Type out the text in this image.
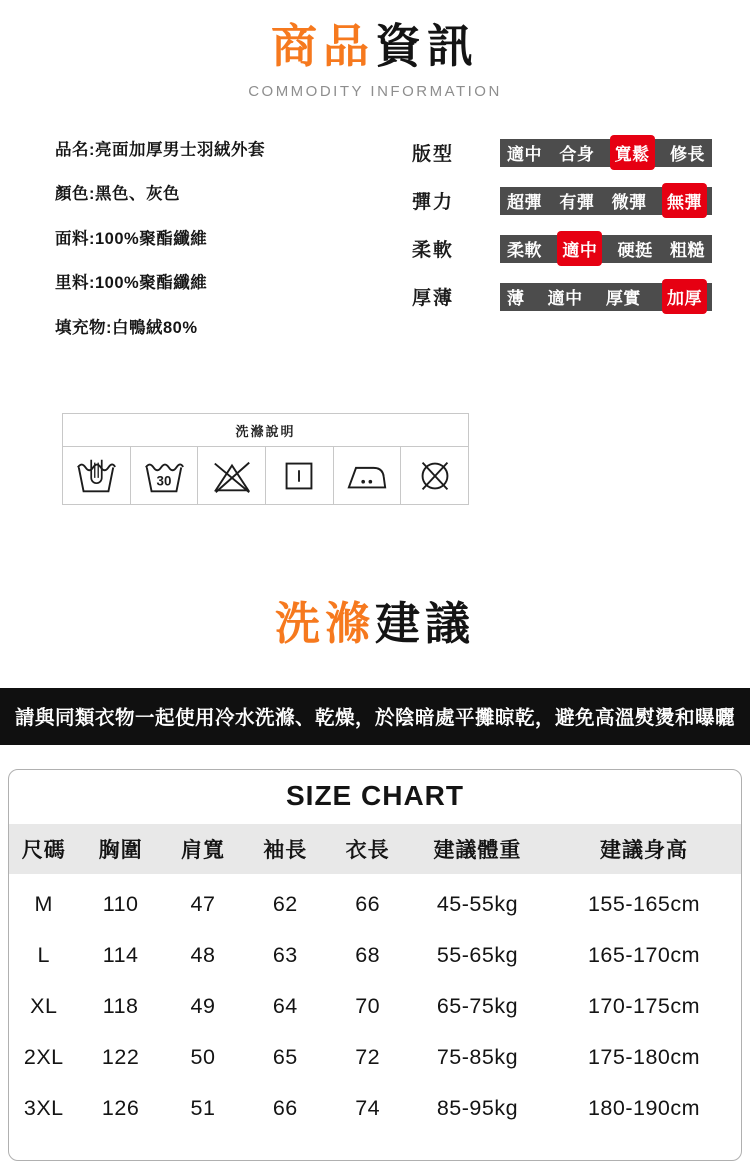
商品資訊
COMMODITY INFORMATION
品名:亮面加厚男士羽絨外套
顏色:黑色、灰色
面料:100%聚酯纖維
里料:100%聚酯纖維
填充物:白鴨絨80%
版型	適中 合身 寬鬆 修長
彈力	超彈 有彈 微彈 無彈
柔軟	柔軟 適中 硬挺 粗糙
厚薄	薄 適中 厚實 加厚
洗滌說明
30
洗滌建議
請與同類衣物一起使用冷水洗滌、乾燥，於陰暗處平攤晾乾，避免高溫熨燙和曝曬
SIZE CHART
尺碼	胸圍	肩寬	袖長	衣長	建議體重	建議身高
M	110	47	62	66	45-55kg	155-165cm
L	114	48	63	68	55-65kg	165-170cm
XL	118	49	64	70	65-75kg	170-175cm
2XL	122	50	65	72	75-85kg	175-180cm
3XL	126	51	66	74	85-95kg	180-190cm
